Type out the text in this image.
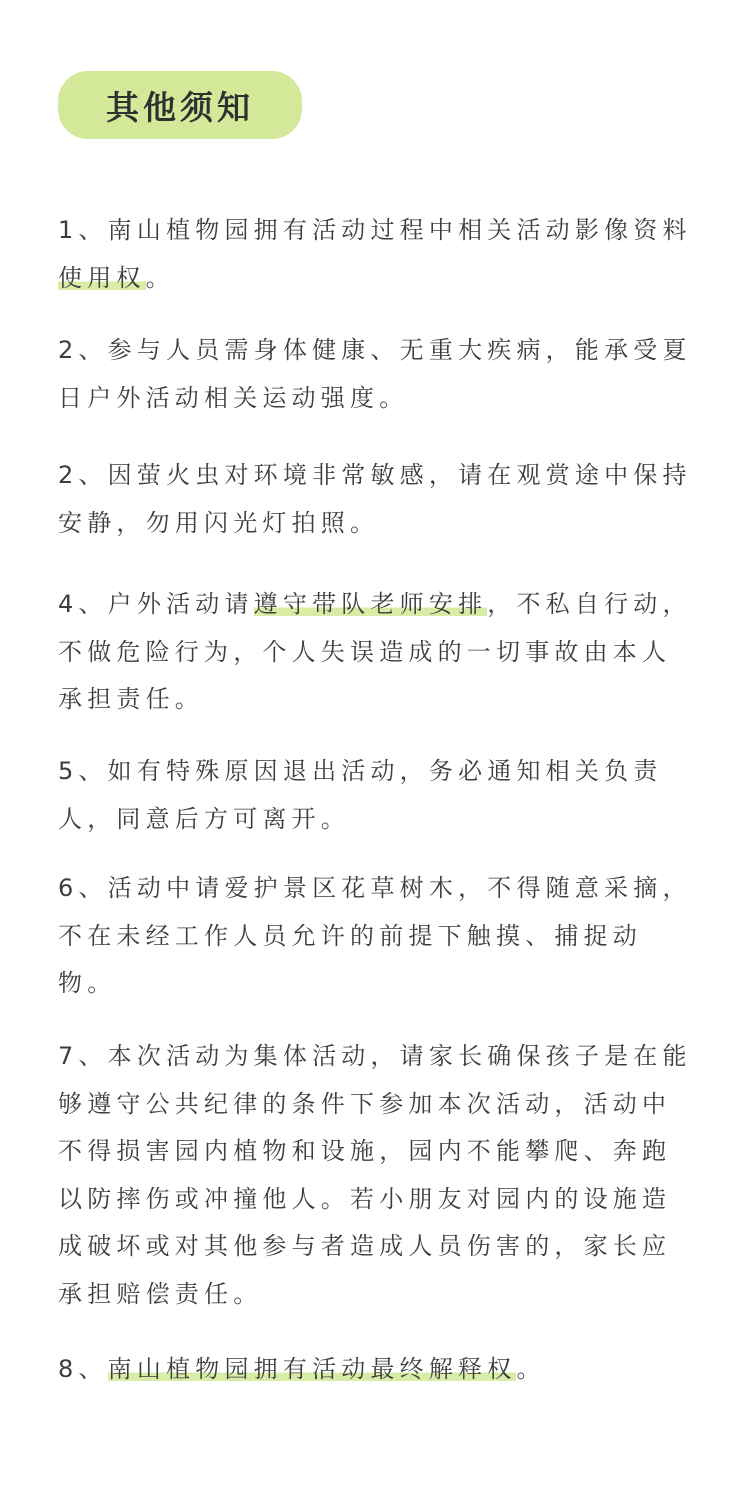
其他须知

1、南山植物园拥有活动过程中相关活动影像资料使用权。

2、参与人员需身体健康、无重大疾病，能承受夏日户外活动相关运动强度。

2、因萤火虫对环境非常敏感，请在观赏途中保持安静，勿用闪光灯拍照。

4、户外活动请遵守带队老师安排，不私自行动，不做危险行为，个人失误造成的一切事故由本人承担责任。

5、如有特殊原因退出活动，务必通知相关负责人，同意后方可离开。

6、活动中请爱护景区花草树木，不得随意采摘，不在未经工作人员允许的前提下触摸、捕捉动物。

7、本次活动为集体活动，请家长确保孩子是在能够遵守公共纪律的条件下参加本次活动，活动中不得损害园内植物和设施，园内不能攀爬、奔跑以防摔伤或冲撞他人。若小朋友对园内的设施造成破坏或对其他参与者造成人员伤害的，家长应承担赔偿责任。

8、南山植物园拥有活动最终解释权。
